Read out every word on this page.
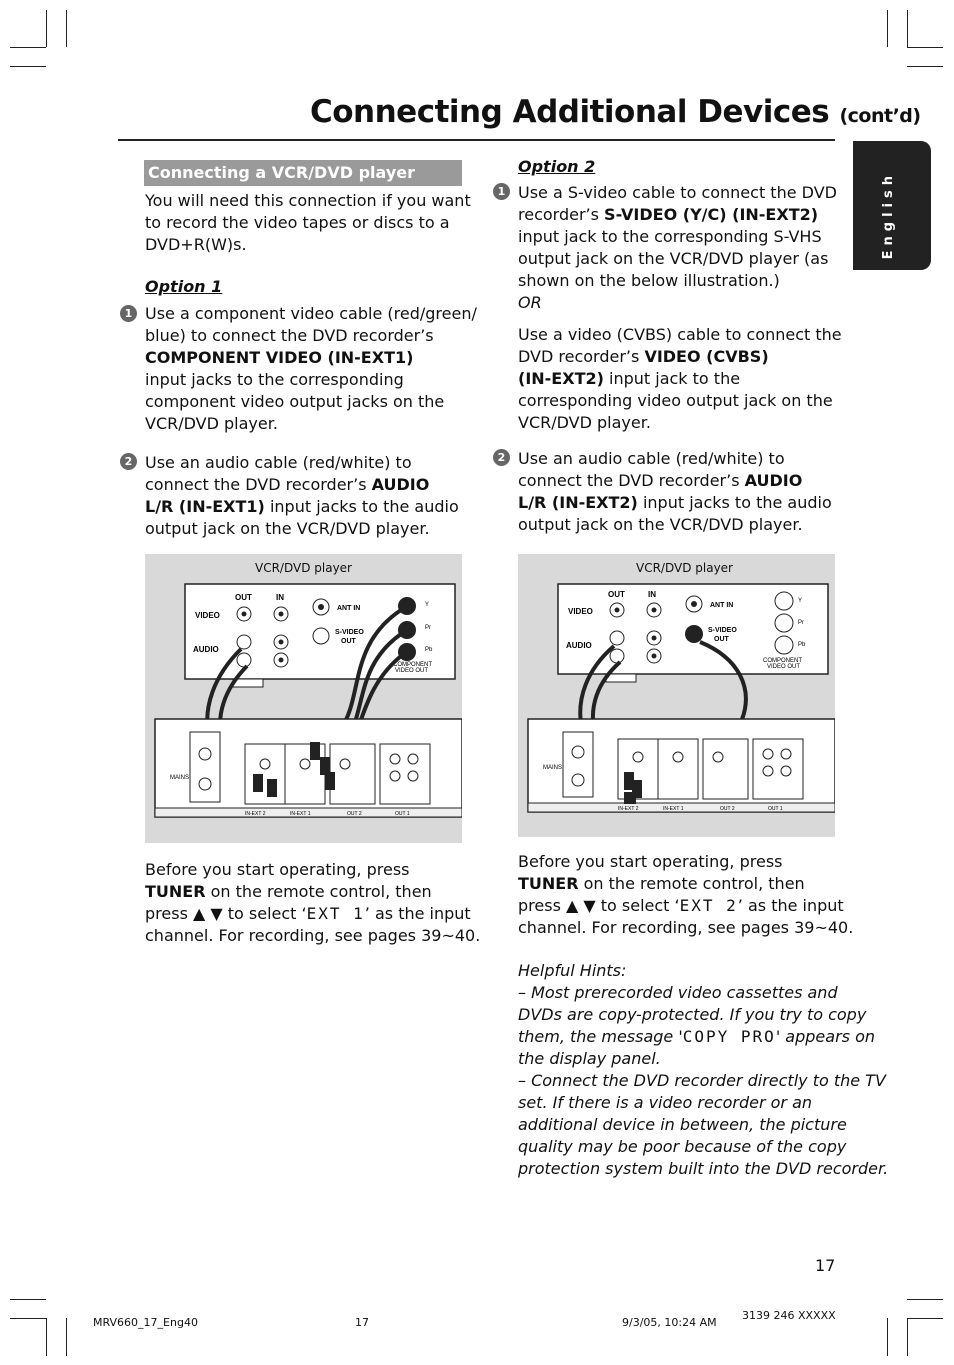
Connecting Additional Devices (cont’d)
English
Connecting a VCR/DVD player
You will need this connection if you want
to record the video tapes or discs to a
DVD+R(W)s.
Option 1
1 Use a component video cable (red/green/
blue) to connect the DVD recorder’s
COMPONENT VIDEO (IN-EXT1)
input jacks to the corresponding
component video output jacks on the
VCR/DVD player.
2 Use an audio cable (red/white) to
connect the DVD recorder’s AUDIO
L/R (IN-EXT1) input jacks to the audio
output jack on the VCR/DVD player.
VCR/DVD player
OUT	IN
VIDEO
AUDIO
ANT IN
S-VIDEO
OUT
Y
Pr
Pb
COMPONENT
VIDEO OUT
MAINS
IN-EXT 2	IN-EXT 1	OUT 2	OUT 1
Before you start operating, press
TUNER on the remote control, then
press ▲ ▼ to select ‘EXT 1’ as the input
channel. For recording, see pages 39~40.
Option 2
1 Use a S-video cable to connect the DVD
recorder’s S-VIDEO (Y/C) (IN-EXT2)
input jack to the corresponding S-VHS
output jack on the VCR/DVD player (as
shown on the below illustration.)
OR
Use a video (CVBS) cable to connect the
DVD recorder’s VIDEO (CVBS)
(IN-EXT2) input jack to the
corresponding video output jack on the
VCR/DVD player.
2 Use an audio cable (red/white) to
connect the DVD recorder’s AUDIO
L/R (IN-EXT2) input jacks to the audio
output jack on the VCR/DVD player.
VCR/DVD player
OUT	IN
VIDEO
AUDIO
ANT IN
S-VIDEO
OUT
Y
Pr
Pb
COMPONENT
VIDEO OUT
MAINS
IN-EXT 2	IN-EXT 1	OUT 2	OUT 1
Before you start operating, press
TUNER on the remote control, then
press ▲ ▼ to select ‘EXT 2’ as the input
channel. For recording, see pages 39~40.
Helpful Hints:
– Most prerecorded video cassettes and
DVDs are copy-protected. If you try to copy
them, the message 'COPY PRO' appears on
the display panel.
– Connect the DVD recorder directly to the TV
set. If there is a video recorder or an
additional device in between, the picture
quality may be poor because of the copy
protection system built into the DVD recorder.
17
MRV660_17_Eng40	17	9/3/05, 10:24 AM
3139 246 XXXXX
